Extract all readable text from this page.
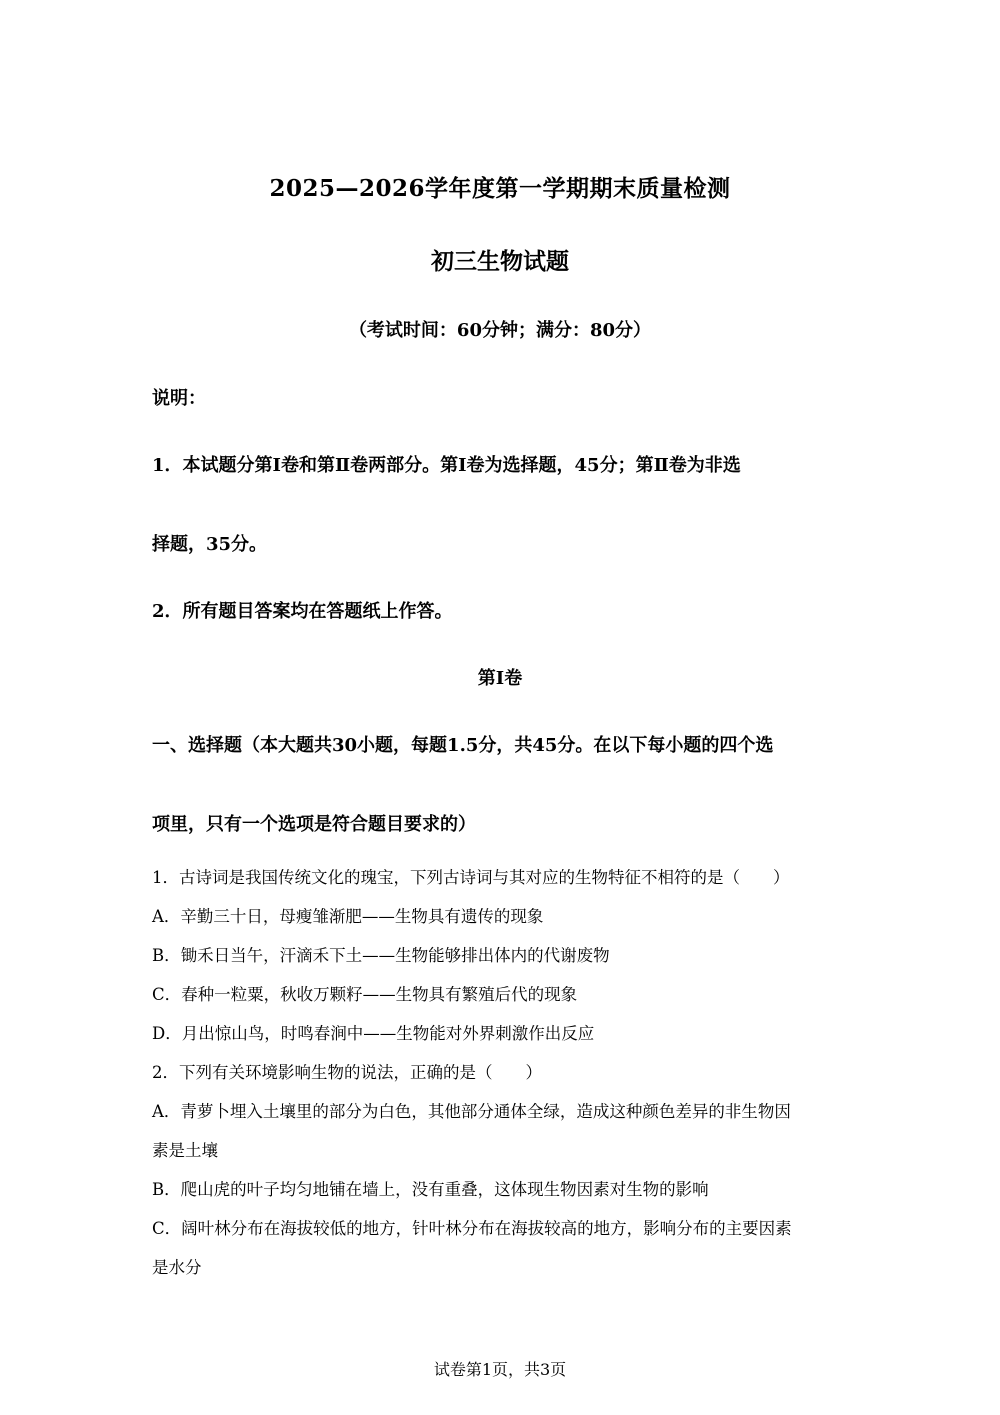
2025—2026学年度第一学期期末质量检测
初三生物试题
（考试时间：60分钟；满分：80分）
说明：
1．本试题分第Ⅰ卷和第Ⅱ卷两部分。第Ⅰ卷为选择题，45分；第Ⅱ卷为非选
择题，35分。
2．所有题目答案均在答题纸上作答。
第Ⅰ卷
一、选择题（本大题共30小题，每题1.5分，共45分。在以下每小题的四个选
项里，只有一个选项是符合题目要求的）
1．古诗词是我国传统文化的瑰宝，下列古诗词与其对应的生物特征不相符的是（　　）
A．辛勤三十日，母瘦雏渐肥——生物具有遗传的现象
B．锄禾日当午，汗滴禾下土——生物能够排出体内的代谢废物
C．春种一粒粟，秋收万颗籽——生物具有繁殖后代的现象
D．月出惊山鸟，时鸣春涧中——生物能对外界刺激作出反应
2．下列有关环境影响生物的说法，正确的是（　　）
A．青萝卜埋入土壤里的部分为白色，其他部分通体全绿，造成这种颜色差异的非生物因
素是土壤
B．爬山虎的叶子均匀地铺在墙上，没有重叠，这体现生物因素对生物的影响
C．阔叶林分布在海拔较低的地方，针叶林分布在海拔较高的地方，影响分布的主要因素
是水分
试卷第1页，共3页
